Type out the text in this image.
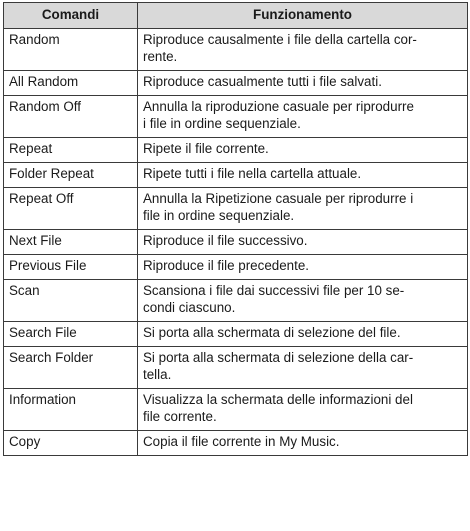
Comandi	Funzionamento
Random	Riproduce causalmente i file della cartella cor-
rente.
All Random	Riproduce casualmente tutti i file salvati.
Random Off	Annulla la riproduzione casuale per riprodurre
i file in ordine sequenziale.
Repeat	Ripete il file corrente.
Folder Repeat	Ripete tutti i file nella cartella attuale.
Repeat Off	Annulla la Ripetizione casuale per riprodurre i
file in ordine sequenziale.
Next File	Riproduce il file successivo.
Previous File	Riproduce il file precedente.
Scan	Scansiona i file dai successivi file per 10 se-
condi ciascuno.
Search File	Si porta alla schermata di selezione del file.
Search Folder	Si porta alla schermata di selezione della car-
tella.
Information	Visualizza la schermata delle informazioni del
file corrente.
Copy	Copia il file corrente in My Music.
